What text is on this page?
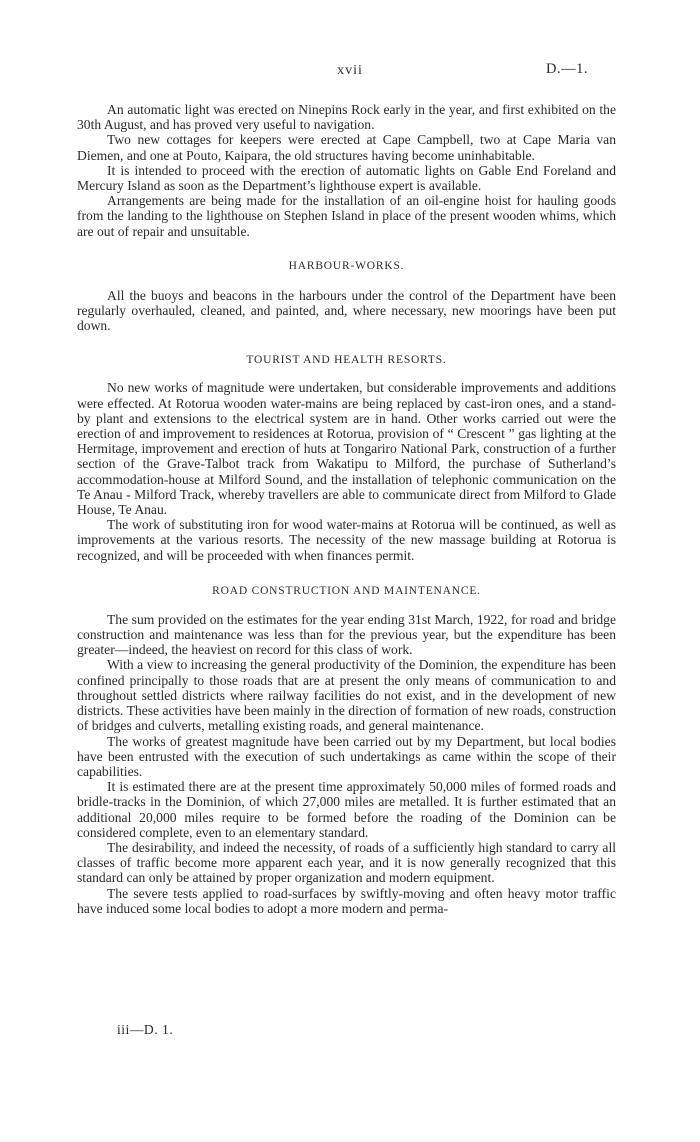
xvii	D.—1.

An automatic light was erected on Ninepins Rock early in the year, and first exhibited on the 30th August, and has proved very useful to navigation.

Two new cottages for keepers were erected at Cape Campbell, two at Cape Maria van Diemen, and one at Pouto, Kaipara, the old structures having become uninhabitable.

It is intended to proceed with the erection of automatic lights on Gable End Foreland and Mercury Island as soon as the Department’s lighthouse expert is available.

Arrangements are being made for the installation of an oil-engine hoist for hauling goods from the landing to the lighthouse on Stephen Island in place of the present wooden whims, which are out of repair and unsuitable.

HARBOUR-WORKS.

All the buoys and beacons in the harbours under the control of the Department have been regularly overhauled, cleaned, and painted, and, where necessary, new moorings have been put down.

TOURIST AND HEALTH RESORTS.

No new works of magnitude were undertaken, but considerable improvements and additions were effected. At Rotorua wooden water-mains are being replaced by cast-iron ones, and a stand-by plant and extensions to the electrical system are in hand. Other works carried out were the erection of and improvement to residences at Rotorua, provision of “ Crescent ” gas lighting at the Hermitage, improvement and erection of huts at Tongariro National Park, construction of a further section of the Grave-Talbot track from Wakatipu to Milford, the purchase of Sutherland’s accommodation-house at Milford Sound, and the installation of telephonic communication on the Te Anau - Milford Track, whereby travellers are able to communicate direct from Milford to Glade House, Te Anau.

The work of substituting iron for wood water-mains at Rotorua will be continued, as well as improvements at the various resorts. The necessity of the new massage building at Rotorua is recognized, and will be proceeded with when finances permit.

ROAD CONSTRUCTION AND MAINTENANCE.

The sum provided on the estimates for the year ending 31st March, 1922, for road and bridge construction and maintenance was less than for the previous year, but the expenditure has been greater—indeed, the heaviest on record for this class of work.

With a view to increasing the general productivity of the Dominion, the expenditure has been confined principally to those roads that are at present the only means of communication to and throughout settled districts where railway facilities do not exist, and in the development of new districts. These activities have been mainly in the direction of formation of new roads, construction of bridges and culverts, metalling existing roads, and general maintenance.

The works of greatest magnitude have been carried out by my Department, but local bodies have been entrusted with the execution of such undertakings as came within the scope of their capabilities.

It is estimated there are at the present time approximately 50,000 miles of formed roads and bridle-tracks in the Dominion, of which 27,000 miles are metalled. It is further estimated that an additional 20,000 miles require to be formed before the roading of the Dominion can be considered complete, even to an elementary standard.

The desirability, and indeed the necessity, of roads of a sufficiently high standard to carry all classes of traffic become more apparent each year, and it is now generally recognized that this standard can only be attained by proper organization and modern equipment.

The severe tests applied to road-surfaces by swiftly-moving and often heavy motor traffic have induced some local bodies to adopt a more modern and perma-

iii—D. 1.
